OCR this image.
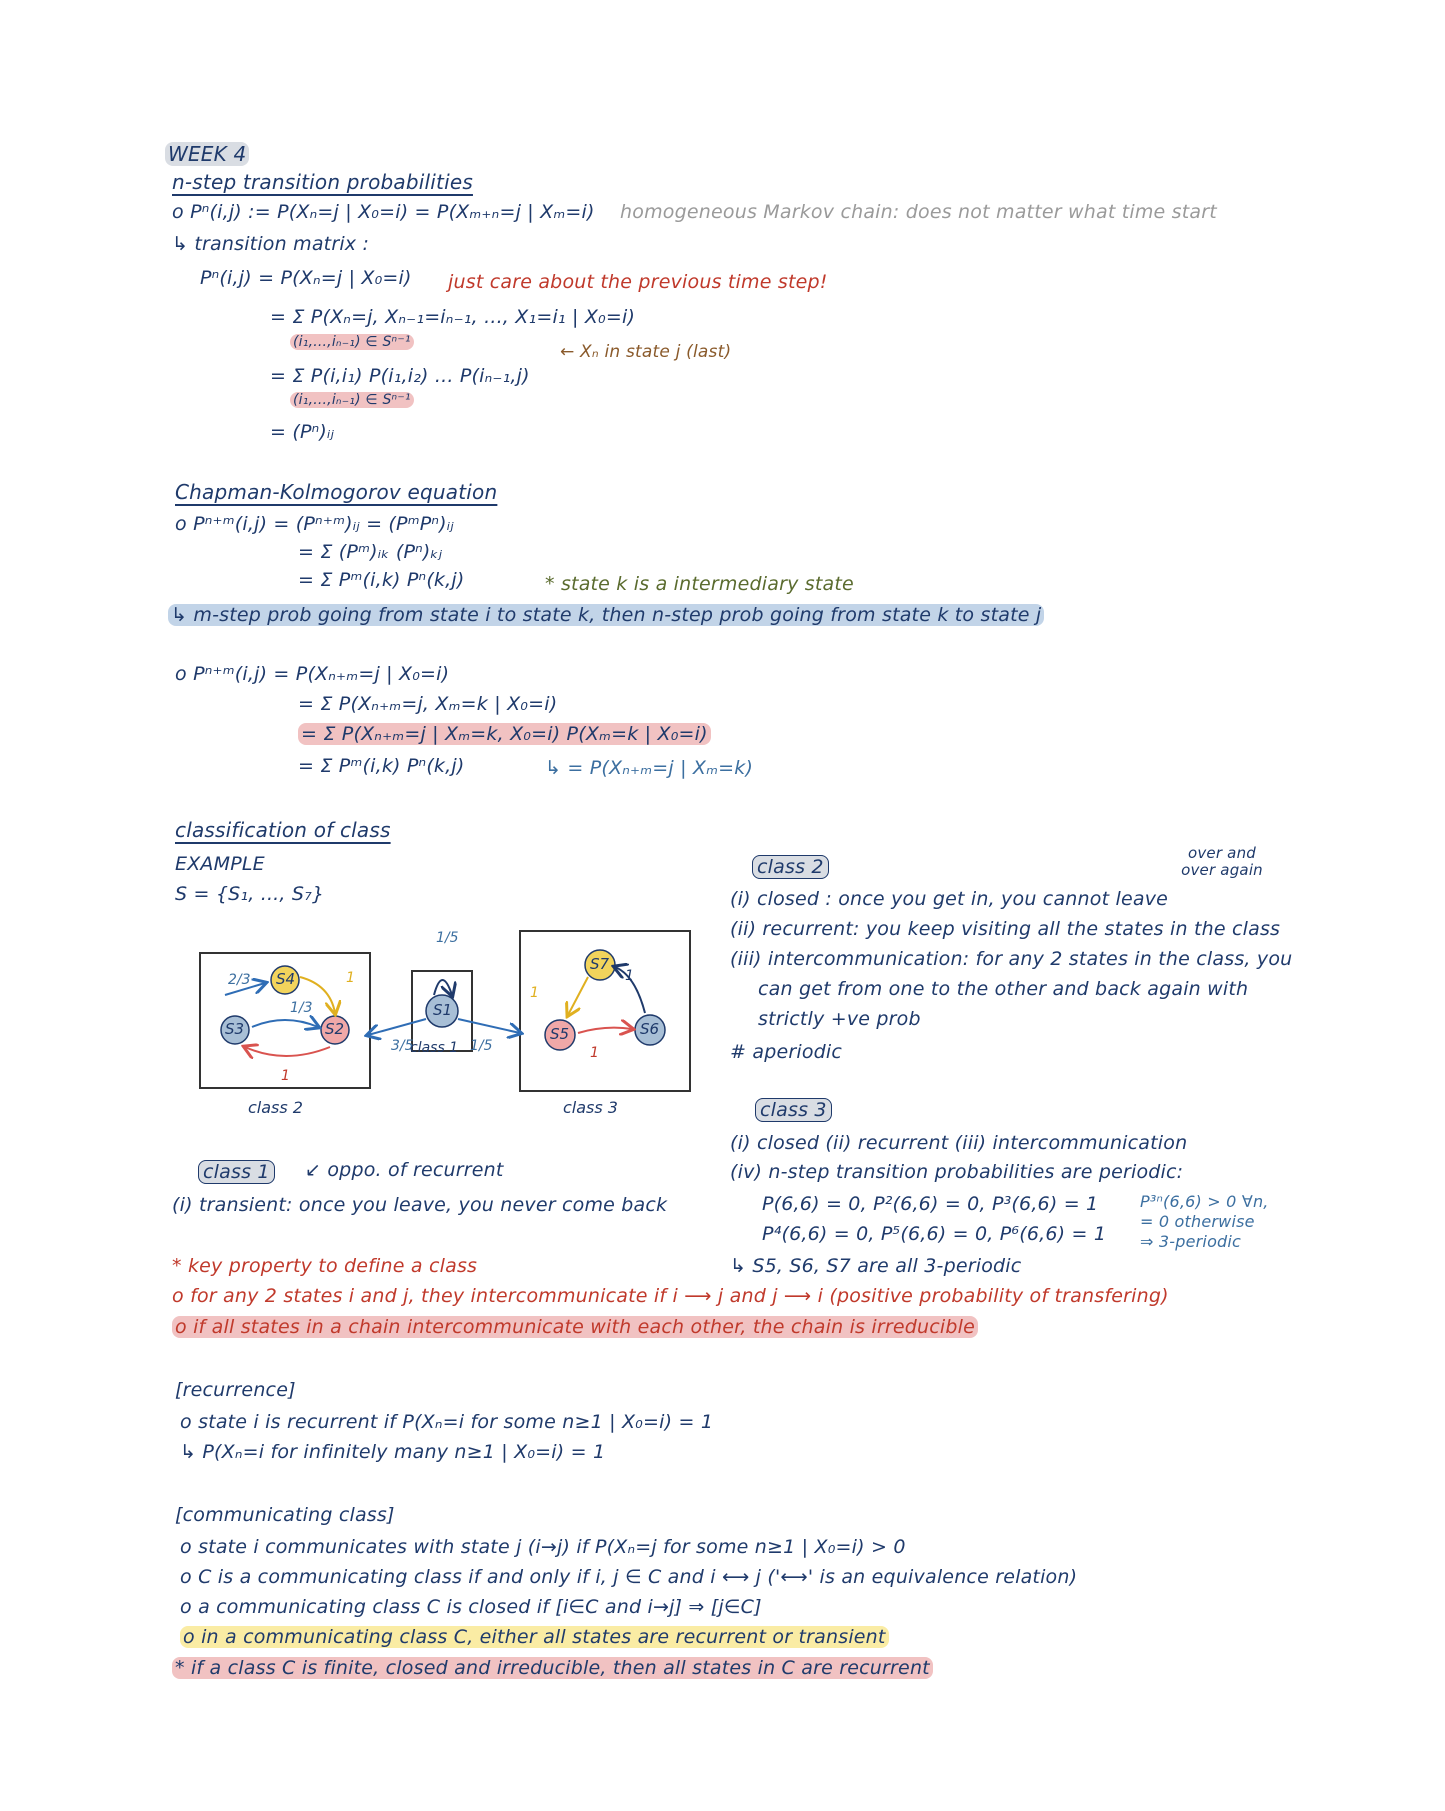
WEEK 4
n-step transition probabilities
o Pⁿ(i,j) := P(Xₙ=j | X₀=i) = P(Xₘ₊ₙ=j | Xₘ=i) homogeneous Markov chain: does not matter what time start
↳ transition matrix :
Pⁿ(i,j) = P(Xₙ=j | X₀=i) just care about the previous time step!
= Σ P(Xₙ=j, Xₙ₋₁=iₙ₋₁, ..., X₁=i₁ | X₀=i)
(i₁,...,iₙ₋₁) ∈ Sⁿ⁻¹	← Xₙ in state j (last)
= Σ P(i,i₁) P(i₁,i₂) ... P(iₙ₋₁,j)
(i₁,...,iₙ₋₁) ∈ Sⁿ⁻¹
= (Pⁿ)ᵢⱼ
Chapman-Kolmogorov equation
o Pⁿ⁺ᵐ(i,j) = (Pⁿ⁺ᵐ)ᵢⱼ = (PᵐPⁿ)ᵢⱼ
= Σ (Pᵐ)ᵢₖ (Pⁿ)ₖⱼ
= Σ Pᵐ(i,k) Pⁿ(k,j)	* state k is a intermediary state
↳ m-step prob going from state i to state k, then n-step prob going from state k to state j
o Pⁿ⁺ᵐ(i,j) = P(Xₙ₊ₘ=j | X₀=i)
= Σ P(Xₙ₊ₘ=j, Xₘ=k | X₀=i)
= Σ P(Xₙ₊ₘ=j | Xₘ=k, X₀=i) P(Xₘ=k | X₀=i)
= Σ Pᵐ(i,k) Pⁿ(k,j)	↳ = P(Xₙ₊ₘ=j | Xₘ=k)
classification of class
EXAMPLE
S = {S₁, ..., S₇}
S4
S3	S2
S1
S7
S5	S6
2/3
1/3
1
1
1/5
3/5	1/5
1
1
1
class 2
class 1
class 3
class 2
over and over again
(i) closed : once you get in, you cannot leave
(ii) recurrent: you keep visiting all the states in the class
(iii) intercommunication: for any 2 states in the class, you
can get from one to the other and back again with
strictly +ve prob
# aperiodic
class 3
(i) closed (ii) recurrent (iii) intercommunication
(iv) n-step transition probabilities are periodic:
P(6,6) = 0, P²(6,6) = 0, P³(6,6) = 1
P⁴(6,6) = 0, P⁵(6,6) = 0, P⁶(6,6) = 1
P³ⁿ(6,6) > 0 ∀n,
= 0 otherwise
⇒ 3-periodic
↳ S5, S6, S7 are all 3-periodic
class 1 ↙ oppo. of recurrent
(i) transient: once you leave, you never come back
* key property to define a class
o for any 2 states i and j, they intercommunicate if i ⟶ j and j ⟶ i (positive probability of transfering)
o if all states in a chain intercommunicate with each other, the chain is irreducible
[recurrence]
o state i is recurrent if P(Xₙ=i for some n≥1 | X₀=i) = 1
↳ P(Xₙ=i for infinitely many n≥1 | X₀=i) = 1
[communicating class]
o state i communicates with state j (i→j) if P(Xₙ=j for some n≥1 | X₀=i) > 0
o C is a communicating class if and only if i, j ∈ C and i ⟷ j ('⟷' is an equivalence relation)
o a communicating class C is closed if [i∈C and i→j] ⇒ [j∈C]
o in a communicating class C, either all states are recurrent or transient
* if a class C is finite, closed and irreducible, then all states in C are recurrent
